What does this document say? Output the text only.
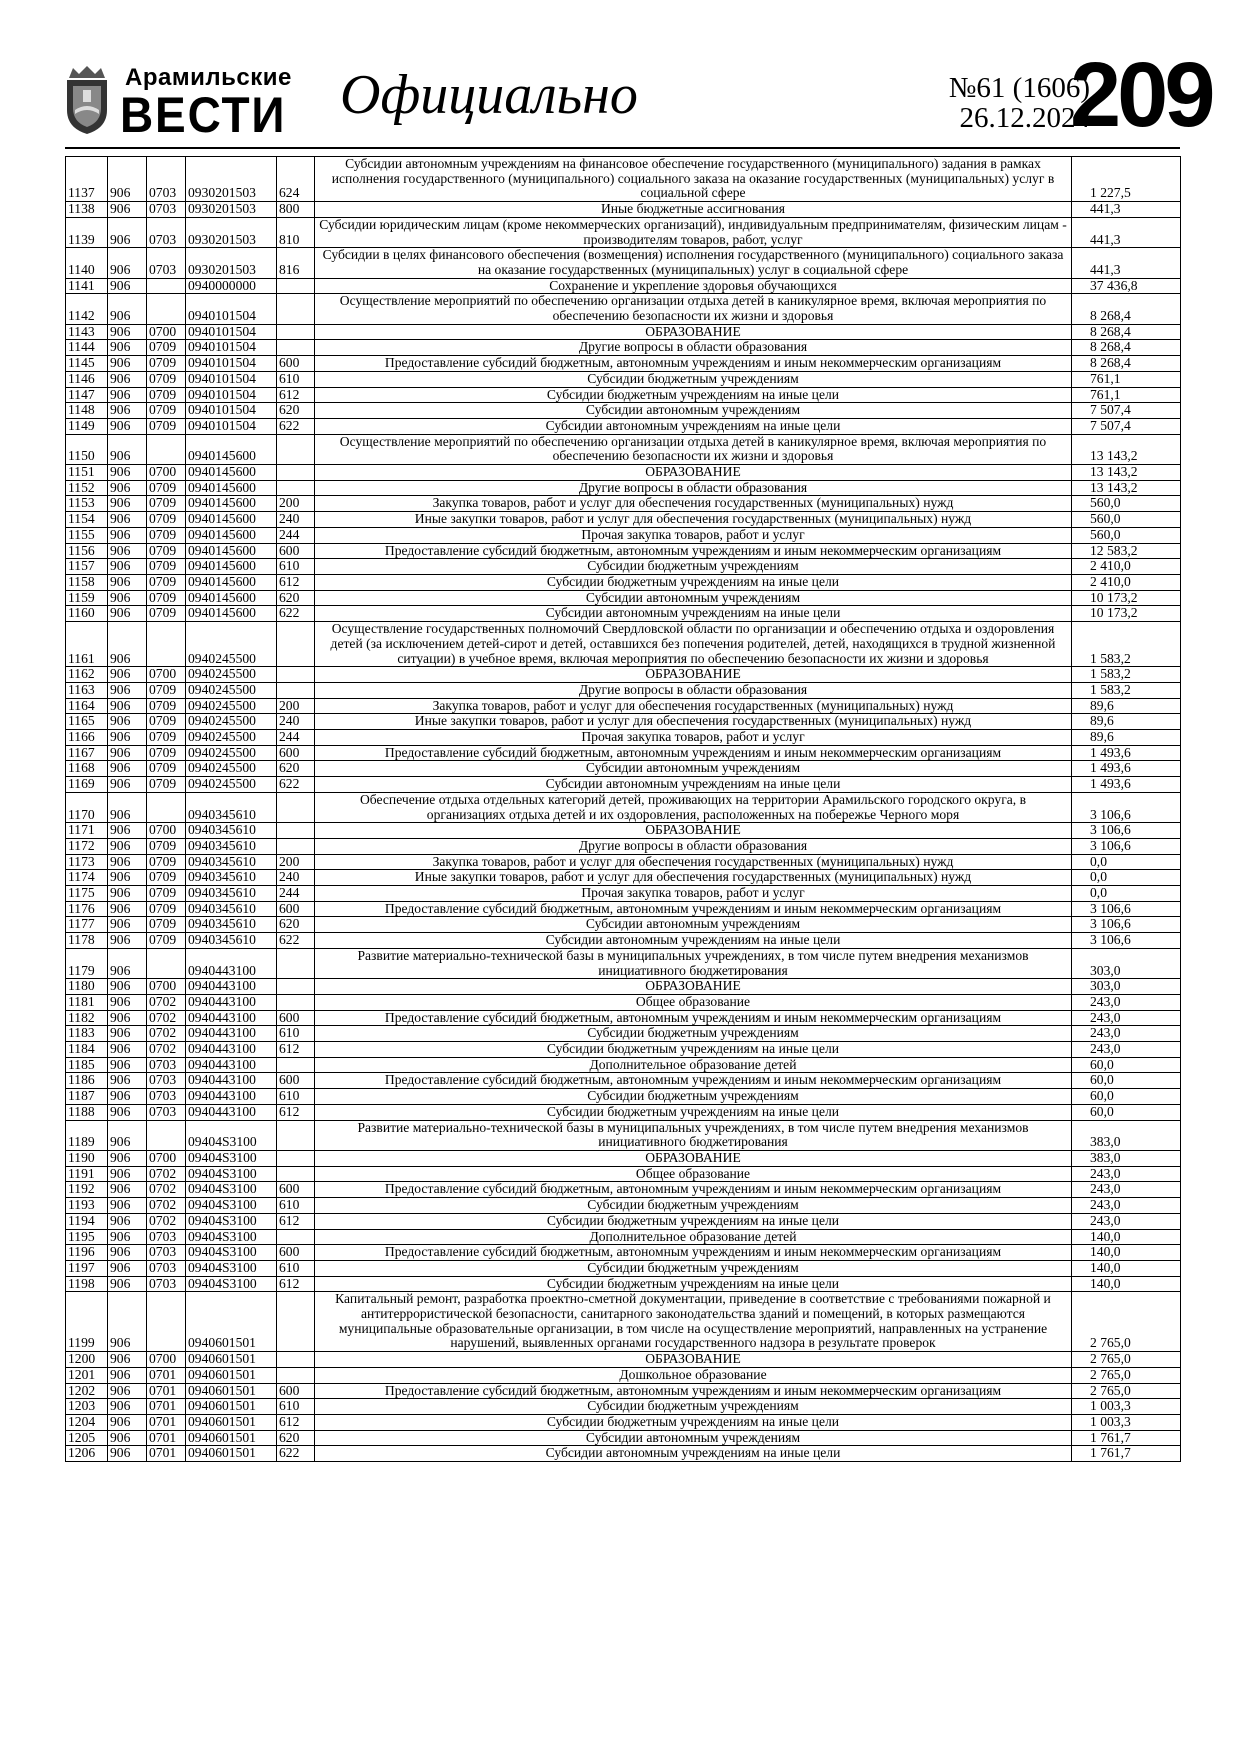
Арамильские
ВЕСТИ Официально	№61 (1606)
26.12.2024
209
1137	906	0703	0930201503	624	Субсидии автономным учреждениям на финансовое обеспечение государственного (муниципального) задания в рамках исполнения государственного (муниципального) социального заказа на оказание государственных (муниципальных) услуг в социальной сфере	1 227,5
1138	906	0703	0930201503	800	Иные бюджетные ассигнования	441,3
1139	906	0703	0930201503	810	Субсидии юридическим лицам (кроме некоммерческих организаций), индивидуальным предпринимателям, физическим лицам - производителям товаров, работ, услуг	441,3
1140	906	0703	0930201503	816	Субсидии в целях финансового обеспечения (возмещения) исполнения государственного (муниципального) социального заказа на оказание государственных (муниципальных) услуг в социальной сфере	441,3
1141	906		0940000000		Сохранение и укрепление здоровья обучающихся	37 436,8
1142	906		0940101504		Осуществление мероприятий по обеспечению организации отдыха детей в каникулярное время, включая мероприятия по обеспечению безопасности их жизни и здоровья	8 268,4
1143	906	0700	0940101504		ОБРАЗОВАНИЕ	8 268,4
1144	906	0709	0940101504		Другие вопросы в области образования	8 268,4
1145	906	0709	0940101504	600	Предоставление субсидий бюджетным, автономным учреждениям и иным некоммерческим организациям	8 268,4
1146	906	0709	0940101504	610	Субсидии бюджетным учреждениям	761,1
1147	906	0709	0940101504	612	Субсидии бюджетным учреждениям на иные цели	761,1
1148	906	0709	0940101504	620	Субсидии автономным учреждениям	7 507,4
1149	906	0709	0940101504	622	Субсидии автономным учреждениям на иные цели	7 507,4
1150	906		0940145600		Осуществление мероприятий по обеспечению организации отдыха детей в каникулярное время, включая мероприятия по обеспечению безопасности их жизни и здоровья	13 143,2
1151	906	0700	0940145600		ОБРАЗОВАНИЕ	13 143,2
1152	906	0709	0940145600		Другие вопросы в области образования	13 143,2
1153	906	0709	0940145600	200	Закупка товаров, работ и услуг для обеспечения государственных (муниципальных) нужд	560,0
1154	906	0709	0940145600	240	Иные закупки товаров, работ и услуг для обеспечения государственных (муниципальных) нужд	560,0
1155	906	0709	0940145600	244	Прочая закупка товаров, работ и услуг	560,0
1156	906	0709	0940145600	600	Предоставление субсидий бюджетным, автономным учреждениям и иным некоммерческим организациям	12 583,2
1157	906	0709	0940145600	610	Субсидии бюджетным учреждениям	2 410,0
1158	906	0709	0940145600	612	Субсидии бюджетным учреждениям на иные цели	2 410,0
1159	906	0709	0940145600	620	Субсидии автономным учреждениям	10 173,2
1160	906	0709	0940145600	622	Субсидии автономным учреждениям на иные цели	10 173,2
1161	906		0940245500		Осуществление государственных полномочий Свердловской области по организации и обеспечению отдыха и оздоровления детей (за исключением детей-сирот и детей, оставшихся без попечения родителей, детей, находящихся в трудной жизненной ситуации) в учебное время, включая мероприятия по обеспечению безопасности их жизни и здоровья	1 583,2
1162	906	0700	0940245500		ОБРАЗОВАНИЕ	1 583,2
1163	906	0709	0940245500		Другие вопросы в области образования	1 583,2
1164	906	0709	0940245500	200	Закупка товаров, работ и услуг для обеспечения государственных (муниципальных) нужд	89,6
1165	906	0709	0940245500	240	Иные закупки товаров, работ и услуг для обеспечения государственных (муниципальных) нужд	89,6
1166	906	0709	0940245500	244	Прочая закупка товаров, работ и услуг	89,6
1167	906	0709	0940245500	600	Предоставление субсидий бюджетным, автономным учреждениям и иным некоммерческим организациям	1 493,6
1168	906	0709	0940245500	620	Субсидии автономным учреждениям	1 493,6
1169	906	0709	0940245500	622	Субсидии автономным учреждениям на иные цели	1 493,6
1170	906		0940345610		Обеспечение отдыха отдельных категорий детей, проживающих на территории Арамильского городского округа, в организациях отдыха детей и их оздоровления, расположенных на побережье Черного моря	3 106,6
1171	906	0700	0940345610		ОБРАЗОВАНИЕ	3 106,6
1172	906	0709	0940345610		Другие вопросы в области образования	3 106,6
1173	906	0709	0940345610	200	Закупка товаров, работ и услуг для обеспечения государственных (муниципальных) нужд	0,0
1174	906	0709	0940345610	240	Иные закупки товаров, работ и услуг для обеспечения государственных (муниципальных) нужд	0,0
1175	906	0709	0940345610	244	Прочая закупка товаров, работ и услуг	0,0
1176	906	0709	0940345610	600	Предоставление субсидий бюджетным, автономным учреждениям и иным некоммерческим организациям	3 106,6
1177	906	0709	0940345610	620	Субсидии автономным учреждениям	3 106,6
1178	906	0709	0940345610	622	Субсидии автономным учреждениям на иные цели	3 106,6
1179	906		0940443100		Развитие материально-технической базы в муниципальных учреждениях, в том числе путем внедрения механизмов инициативного бюджетирования	303,0
1180	906	0700	0940443100		ОБРАЗОВАНИЕ	303,0
1181	906	0702	0940443100		Общее образование	243,0
1182	906	0702	0940443100	600	Предоставление субсидий бюджетным, автономным учреждениям и иным некоммерческим организациям	243,0
1183	906	0702	0940443100	610	Субсидии бюджетным учреждениям	243,0
1184	906	0702	0940443100	612	Субсидии бюджетным учреждениям на иные цели	243,0
1185	906	0703	0940443100		Дополнительное образование детей	60,0
1186	906	0703	0940443100	600	Предоставление субсидий бюджетным, автономным учреждениям и иным некоммерческим организациям	60,0
1187	906	0703	0940443100	610	Субсидии бюджетным учреждениям	60,0
1188	906	0703	0940443100	612	Субсидии бюджетным учреждениям на иные цели	60,0
1189	906		09404S3100		Развитие материально-технической базы в муниципальных учреждениях, в том числе путем внедрения механизмов инициативного бюджетирования	383,0
1190	906	0700	09404S3100		ОБРАЗОВАНИЕ	383,0
1191	906	0702	09404S3100		Общее образование	243,0
1192	906	0702	09404S3100	600	Предоставление субсидий бюджетным, автономным учреждениям и иным некоммерческим организациям	243,0
1193	906	0702	09404S3100	610	Субсидии бюджетным учреждениям	243,0
1194	906	0702	09404S3100	612	Субсидии бюджетным учреждениям на иные цели	243,0
1195	906	0703	09404S3100		Дополнительное образование детей	140,0
1196	906	0703	09404S3100	600	Предоставление субсидий бюджетным, автономным учреждениям и иным некоммерческим организациям	140,0
1197	906	0703	09404S3100	610	Субсидии бюджетным учреждениям	140,0
1198	906	0703	09404S3100	612	Субсидии бюджетным учреждениям на иные цели	140,0
1199	906		0940601501		Капитальный ремонт, разработка проектно-сметной документации, приведение в соответствие с требованиями пожарной и антитеррористической безопасности, санитарного законодательства зданий и помещений, в которых размещаются муниципальные образовательные организации, в том числе на осуществление мероприятий, направленных на устранение нарушений, выявленных органами государственного надзора в результате проверок	2 765,0
1200	906	0700	0940601501		ОБРАЗОВАНИЕ	2 765,0
1201	906	0701	0940601501		Дошкольное образование	2 765,0
1202	906	0701	0940601501	600	Предоставление субсидий бюджетным, автономным учреждениям и иным некоммерческим организациям	2 765,0
1203	906	0701	0940601501	610	Субсидии бюджетным учреждениям	1 003,3
1204	906	0701	0940601501	612	Субсидии бюджетным учреждениям на иные цели	1 003,3
1205	906	0701	0940601501	620	Субсидии автономным учреждениям	1 761,7
1206	906	0701	0940601501	622	Субсидии автономным учреждениям на иные цели	1 761,7
